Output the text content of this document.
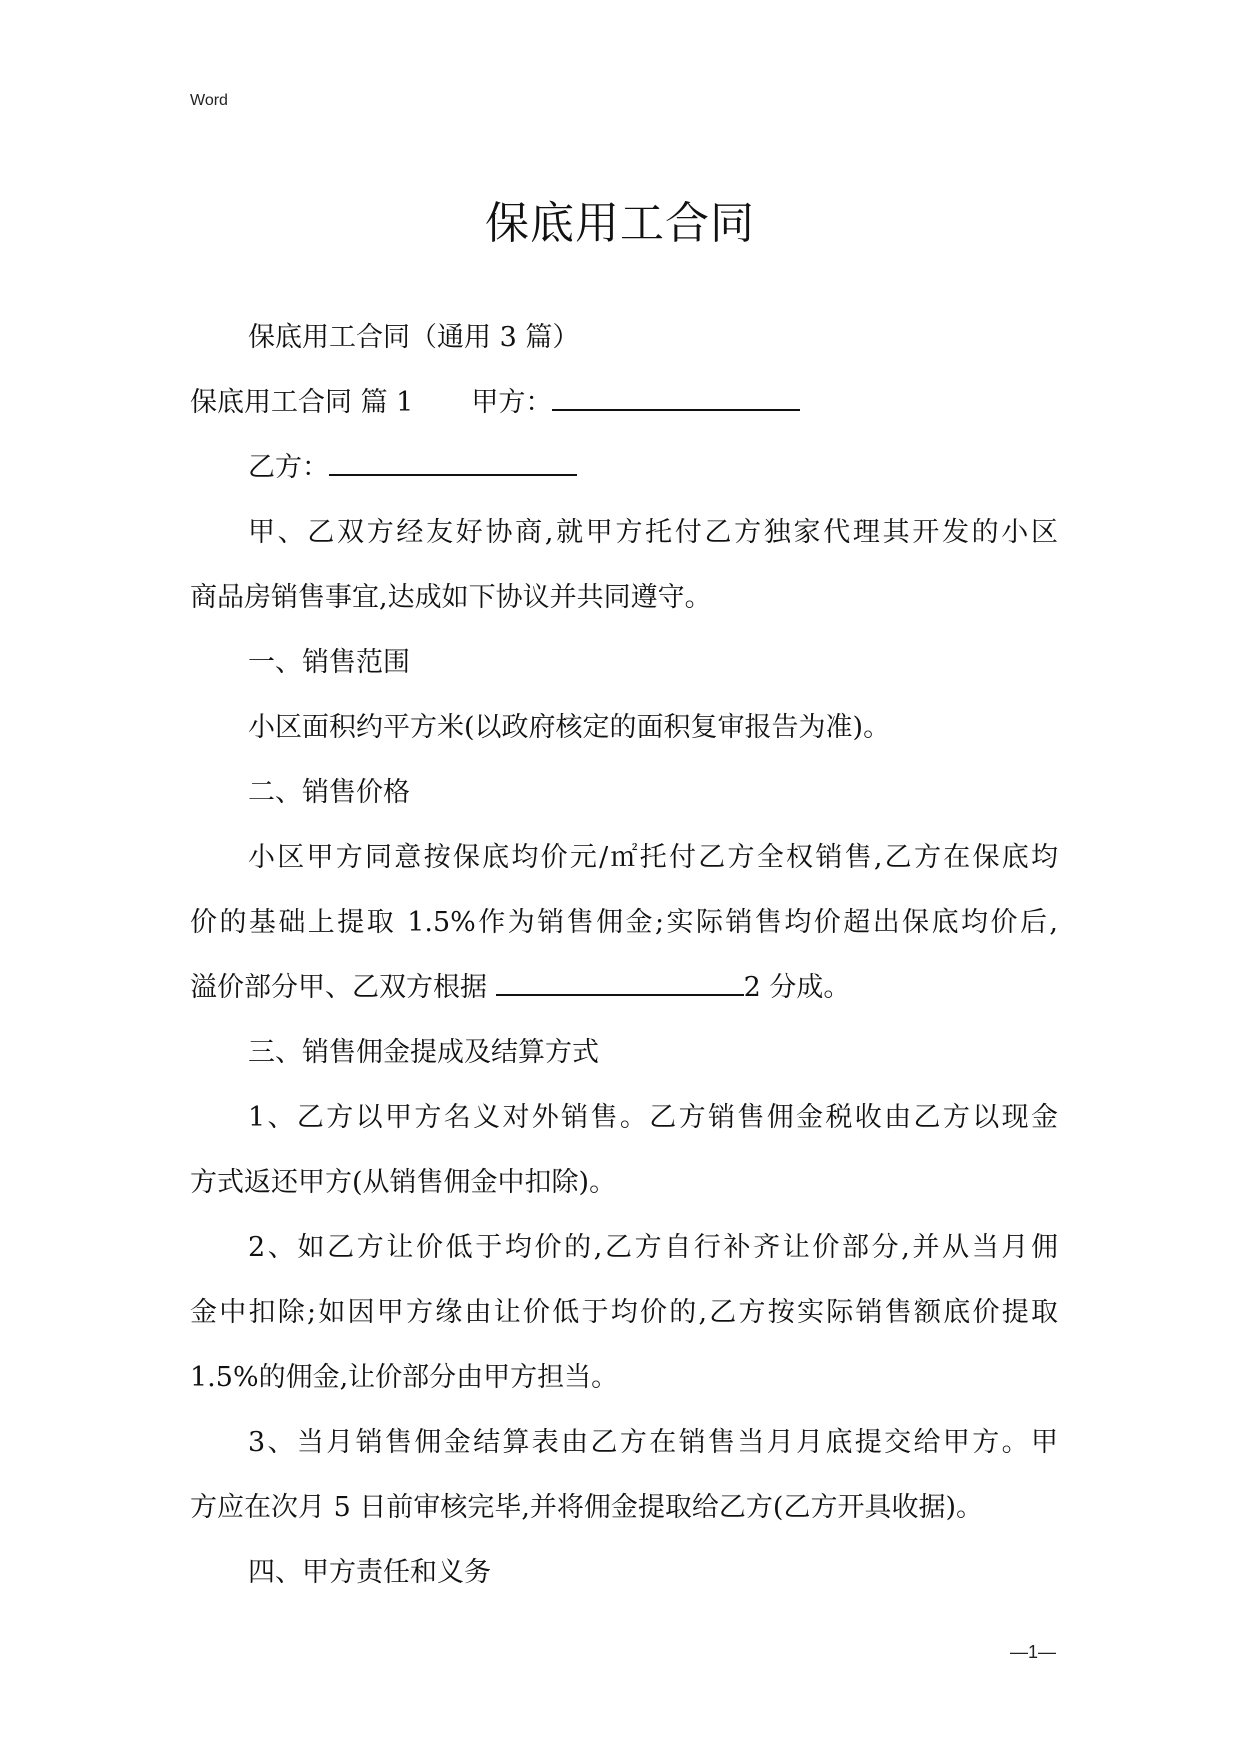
Word
保底用工合同
保底用工合同（通用 3 篇）
保底用工合同 篇 1 甲方：
乙方：
甲、乙双方经友好协商,就甲方托付乙方独家代理其开发的小区
商品房销售事宜,达成如下协议并共同遵守。
一、销售范围
小区面积约平方米(以政府核定的面积复审报告为准)。
二、销售价格
小区甲方同意按保底均价元/㎡托付乙方全权销售,乙方在保底均
价的基础上提取 1.5%作为销售佣金;实际销售均价超出保底均价后,
溢价部分甲、乙双方根据	2 分成。
三、销售佣金提成及结算方式
1、乙方以甲方名义对外销售。乙方销售佣金税收由乙方以现金
方式返还甲方(从销售佣金中扣除)。
2、如乙方让价低于均价的,乙方自行补齐让价部分,并从当月佣
金中扣除;如因甲方缘由让价低于均价的,乙方按实际销售额底价提取
1.5%的佣金,让价部分由甲方担当。
3、当月销售佣金结算表由乙方在销售当月月底提交给甲方。甲
方应在次月 5 日前审核完毕,并将佣金提取给乙方(乙方开具收据)。
四、甲方责任和义务
—1—
